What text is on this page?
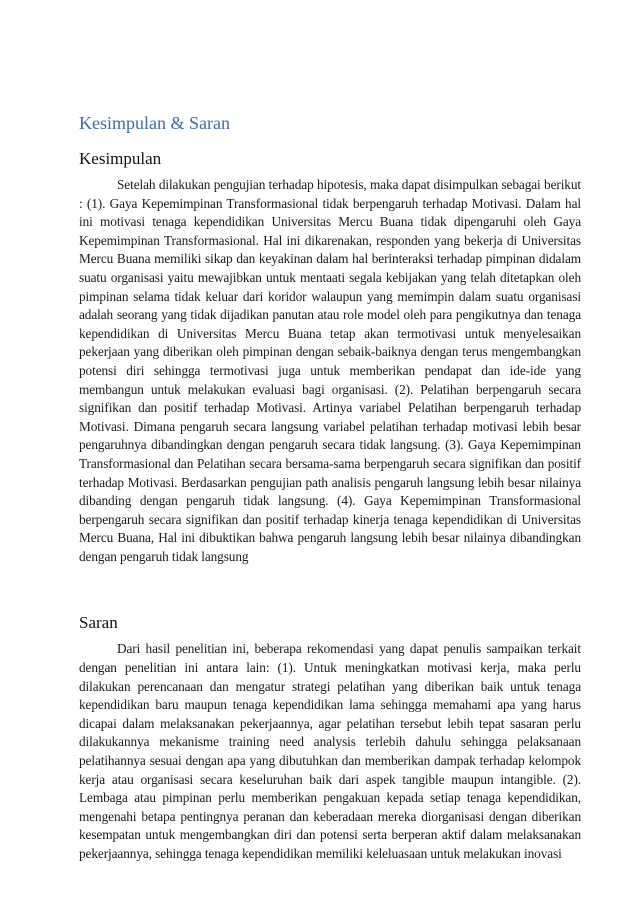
Kesimpulan & Saran
Kesimpulan

Setelah dilakukan pengujian terhadap hipotesis, maka dapat disimpulkan sebagai berikut : (1). Gaya Kepemimpinan Transformasional tidak berpengaruh terhadap Motivasi. Dalam hal ini motivasi tenaga kependidikan Universitas Mercu Buana tidak dipengaruhi oleh Gaya Kepemimpinan Transformasional. Hal ini dikarenakan, responden yang bekerja di Universitas Mercu Buana memiliki sikap dan keyakinan dalam hal berinteraksi terhadap pimpinan didalam suatu organisasi yaitu mewajibkan untuk mentaati segala kebijakan yang telah ditetapkan oleh pimpinan selama tidak keluar dari koridor walaupun yang memimpin dalam suatu organisasi adalah seorang yang tidak dijadikan panutan atau role model oleh para pengikutnya dan tenaga kependidikan di Universitas Mercu Buana tetap akan termotivasi untuk menyelesaikan pekerjaan yang diberikan oleh pimpinan dengan sebaik-baiknya dengan terus mengembangkan potensi diri sehingga termotivasi juga untuk memberikan pendapat dan ide-ide yang membangun untuk melakukan evaluasi bagi organisasi. (2). Pelatihan berpengaruh secara signifikan dan positif terhadap Motivasi. Artinya variabel Pelatihan berpengaruh terhadap Motivasi. Dimana pengaruh secara langsung variabel pelatihan terhadap motivasi lebih besar pengaruhnya dibandingkan dengan pengaruh secara tidak langsung. (3). Gaya Kepemimpinan Transformasional dan Pelatihan secara bersama-sama berpengaruh secara signifikan dan positif terhadap Motivasi. Berdasarkan pengujian path analisis pengaruh langsung lebih besar nilainya dibanding dengan pengaruh tidak langsung. (4). Gaya Kepemimpinan Transformasional berpengaruh secara signifikan dan positif terhadap kinerja tenaga kependidikan di Universitas Mercu Buana, Hal ini dibuktikan bahwa pengaruh langsung lebih besar nilainya dibandingkan dengan pengaruh tidak langsung

Saran

Dari hasil penelitian ini, beberapa rekomendasi yang dapat penulis sampaikan terkait dengan penelitian ini antara lain: (1). Untuk meningkatkan motivasi kerja, maka perlu dilakukan perencanaan dan mengatur strategi pelatihan yang diberikan baik untuk tenaga kependidikan baru maupun tenaga kependidikan lama sehingga memahami apa yang harus dicapai dalam melaksanakan pekerjaannya, agar pelatihan tersebut lebih tepat sasaran perlu dilakukannya mekanisme training need analysis terlebih dahulu sehingga pelaksanaan pelatihannya sesuai dengan apa yang dibutuhkan dan memberikan dampak terhadap kelompok kerja atau organisasi secara keseluruhan baik dari aspek tangible maupun intangible. (2). Lembaga atau pimpinan perlu memberikan pengakuan kepada setiap tenaga kependidikan, mengenahi betapa pentingnya peranan dan keberadaan mereka diorganisasi dengan diberikan kesempatan untuk mengembangkan diri dan potensi serta berperan aktif dalam melaksanakan pekerjaannya, sehingga tenaga kependidikan memiliki keleluasaan untuk melakukan inovasi
